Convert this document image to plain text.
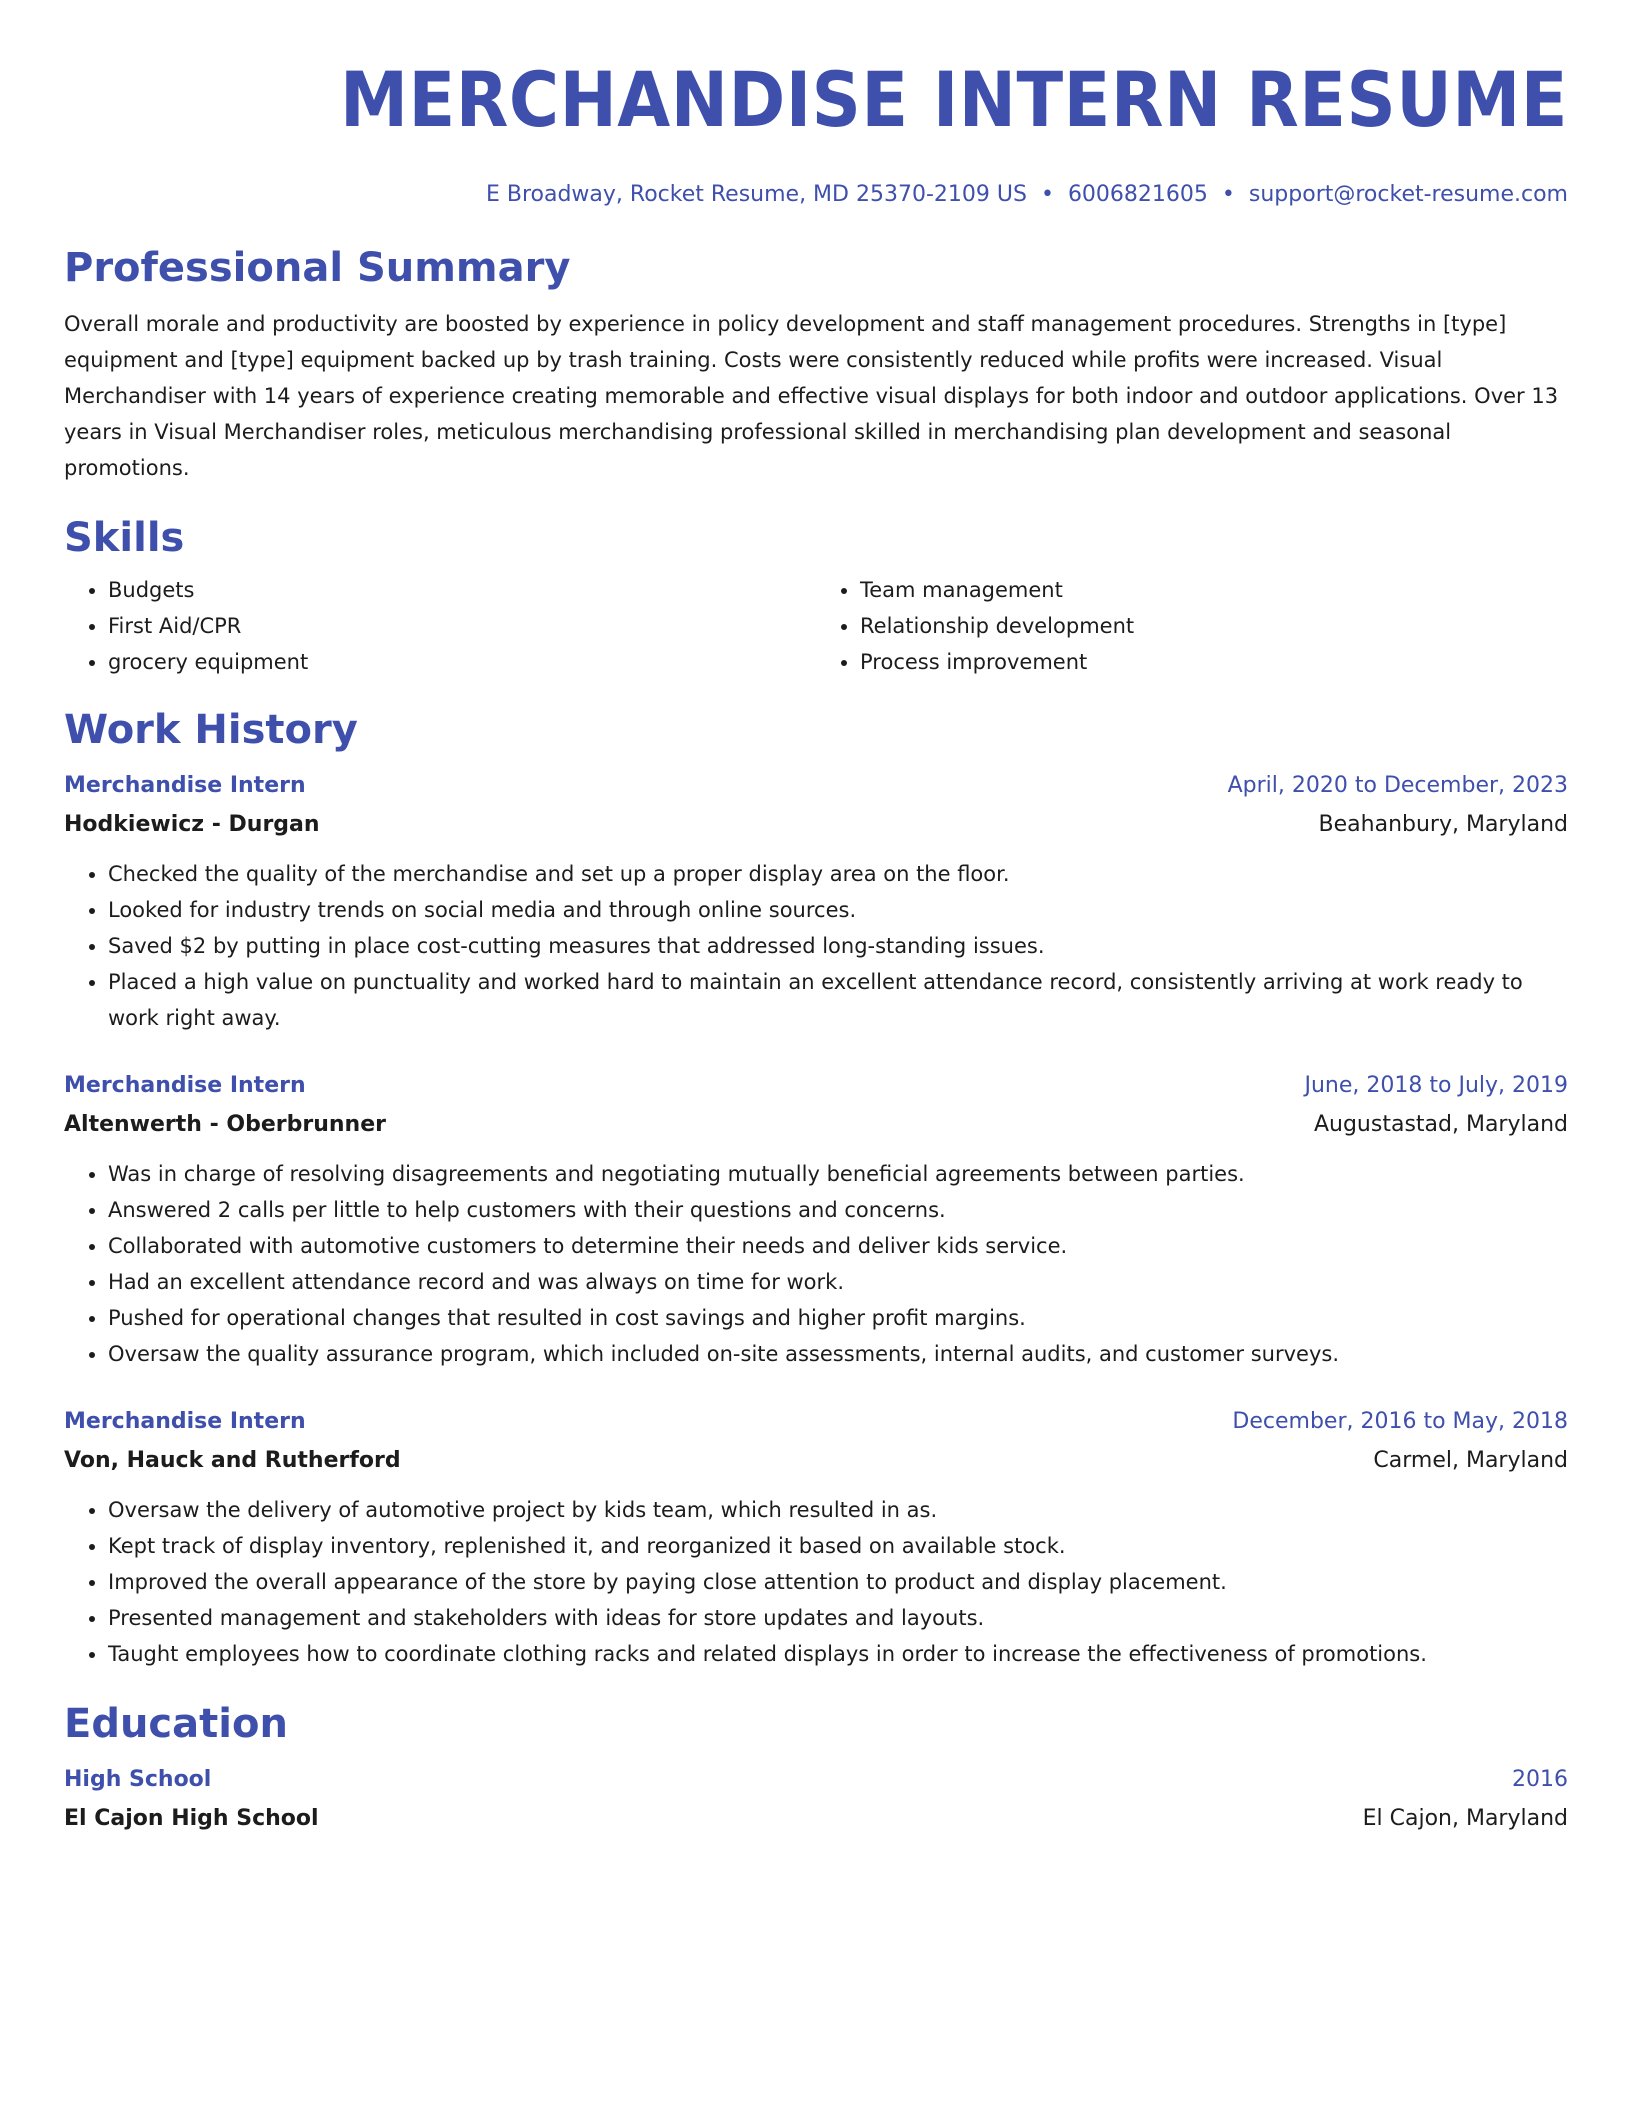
MERCHANDISE INTERN RESUME
E Broadway, Rocket Resume, MD 25370-2109 US • 6006821605 • support@rocket-resume.com
Professional Summary
Overall morale and productivity are boosted by experience in policy development and staff management procedures. Strengths in [type] equipment and [type] equipment backed up by trash training. Costs were consistently reduced while profits were increased. Visual Merchandiser with 14 years of experience creating memorable and effective visual displays for both indoor and outdoor applications. Over 13 years in Visual Merchandiser roles, meticulous merchandising professional skilled in merchandising plan development and seasonal promotions.
Skills
• Budgets
• First Aid/CPR
• grocery equipment
• Team management
• Relationship development
• Process improvement
Work History
Merchandise Intern	April, 2020 to December, 2023
Hodkiewicz - Durgan	Beahanbury, Maryland
• Checked the quality of the merchandise and set up a proper display area on the floor.
• Looked for industry trends on social media and through online sources.
• Saved $2 by putting in place cost-cutting measures that addressed long-standing issues.
• Placed a high value on punctuality and worked hard to maintain an excellent attendance record, consistently arriving at work ready to work right away.
Merchandise Intern	June, 2018 to July, 2019
Altenwerth - Oberbrunner	Augustastad, Maryland
• Was in charge of resolving disagreements and negotiating mutually beneficial agreements between parties.
• Answered 2 calls per little to help customers with their questions and concerns.
• Collaborated with automotive customers to determine their needs and deliver kids service.
• Had an excellent attendance record and was always on time for work.
• Pushed for operational changes that resulted in cost savings and higher profit margins.
• Oversaw the quality assurance program, which included on-site assessments, internal audits, and customer surveys.
Merchandise Intern	December, 2016 to May, 2018
Von, Hauck and Rutherford	Carmel, Maryland
• Oversaw the delivery of automotive project by kids team, which resulted in as.
• Kept track of display inventory, replenished it, and reorganized it based on available stock.
• Improved the overall appearance of the store by paying close attention to product and display placement.
• Presented management and stakeholders with ideas for store updates and layouts.
• Taught employees how to coordinate clothing racks and related displays in order to increase the effectiveness of promotions.
Education
High School	2016
El Cajon High School	El Cajon, Maryland
